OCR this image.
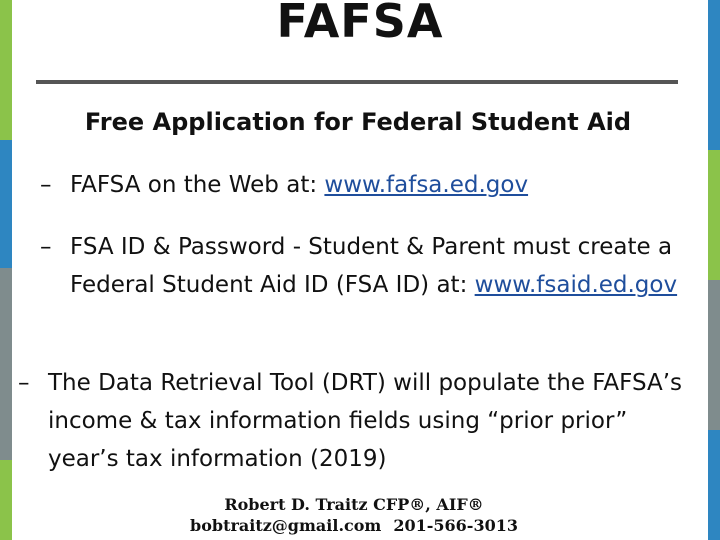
FAFSA
Free Application for Federal Student Aid
– FAFSA on the Web at: www.fafsa.ed.gov
– FSA ID & Password - Student & Parent must create a Federal Student Aid ID (FSA ID) at: www.fsaid.ed.gov
– The Data Retrieval Tool (DRT) will populate the FAFSA’s income & tax information fields using “prior prior” year’s tax information (2019)
Robert D. Traitz CFP®, AIF®
bobtraitz@gmail.com 201-566-3013
